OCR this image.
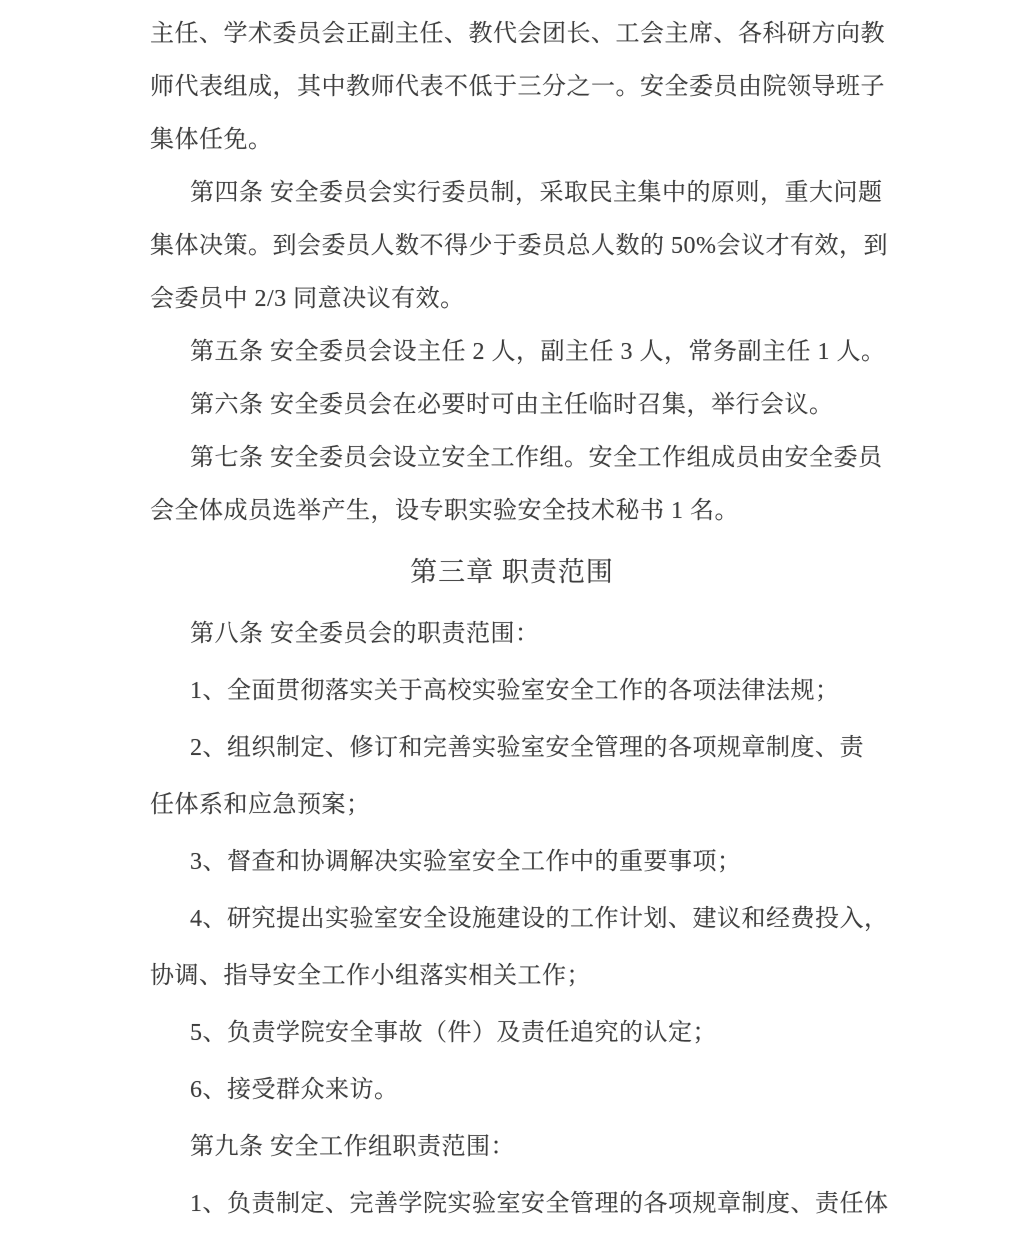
主任、学术委员会正副主任、教代会团长、工会主席、各科研方向教
师代表组成，其中教师代表不低于三分之一。安全委员由院领导班子
集体任免。
第四条 安全委员会实行委员制，采取民主集中的原则，重大问题
集体决策。到会委员人数不得少于委员总人数的 50%会议才有效，到
会委员中 2/3 同意决议有效。
第五条 安全委员会设主任 2 人，副主任 3 人，常务副主任 1 人。
第六条 安全委员会在必要时可由主任临时召集，举行会议。
第七条 安全委员会设立安全工作组。安全工作组成员由安全委员
会全体成员选举产生，设专职实验安全技术秘书 1 名。
第三章 职责范围
第八条 安全委员会的职责范围：
1、全面贯彻落实关于高校实验室安全工作的各项法律法规；
2、组织制定、修订和完善实验室安全管理的各项规章制度、责
任体系和应急预案；
3、督查和协调解决实验室安全工作中的重要事项；
4、研究提出实验室安全设施建设的工作计划、建议和经费投入，
协调、指导安全工作小组落实相关工作；
5、负责学院安全事故（件）及责任追究的认定；
6、接受群众来访。
第九条 安全工作组职责范围：
1、负责制定、完善学院实验室安全管理的各项规章制度、责任体
